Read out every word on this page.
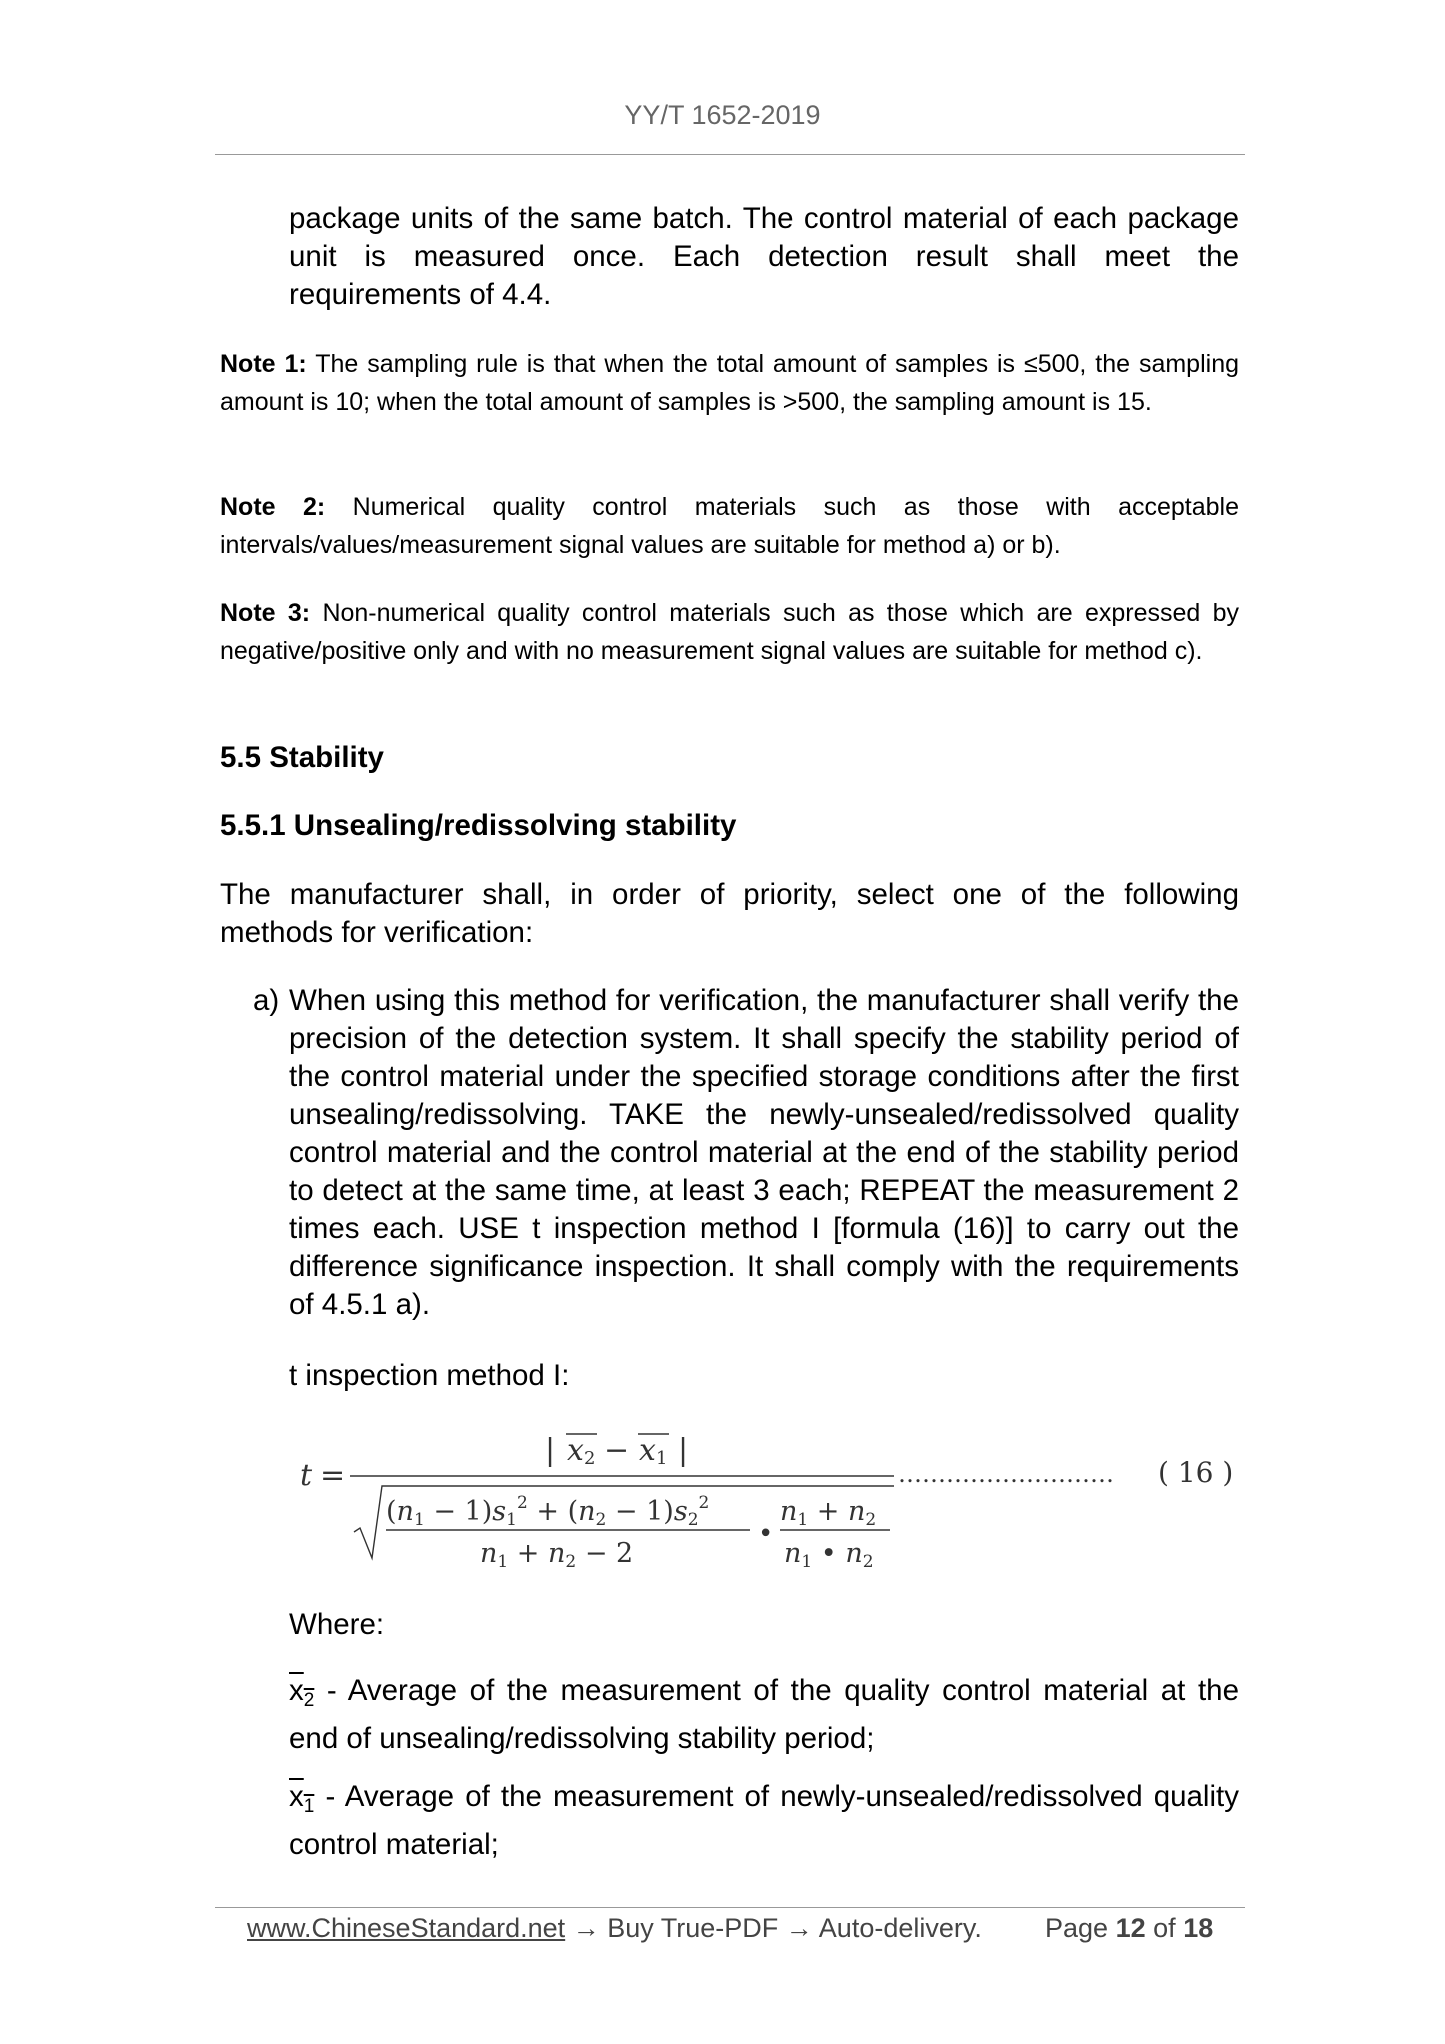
YY/T 1652-2019
package units of the same batch. The control material of each package unit is measured once. Each detection result shall meet the requirements of 4.4.
Note 1: The sampling rule is that when the total amount of samples is ≤500, the sampling amount is 10; when the total amount of samples is >500, the sampling amount is 15.
Note 2: Numerical quality control materials such as those with acceptable intervals/values/measurement signal values are suitable for method a) or b).
Note 3: Non-numerical quality control materials such as those which are expressed by negative/positive only and with no measurement signal values are suitable for method c).
5.5 Stability
5.5.1 Unsealing/redissolving stability
The manufacturer shall, in order of priority, select one of the following methods for verification:
a) When using this method for verification, the manufacturer shall verify the precision of the detection system. It shall specify the stability period of the control material under the specified storage conditions after the first unsealing/redissolving. TAKE the newly-unsealed/redissolved quality control material and the control material at the end of the stability period to detect at the same time, at least 3 each; REPEAT the measurement 2 times each. USE t inspection method I [formula (16)] to carry out the difference significance inspection. It shall comply with the requirements of 4.5.1 a).
t inspection method I:
t =
| x 2 − x 1 |
$(n1 - 1)s1^2 + (n2 - 1)s2^2$
n1 + n2 − 2
•
n1 + n2
n1 • n2
……………………… ( 16 )
Where:
$x_2$ - Average of the measurement of the quality control material at the end of unsealing/redissolving stability period;
$x_1$ - Average of the measurement of newly-unsealed/redissolved quality control material;
www.ChineseStandard.net → Buy True-PDF → Auto-delivery. Page 12 of 18
